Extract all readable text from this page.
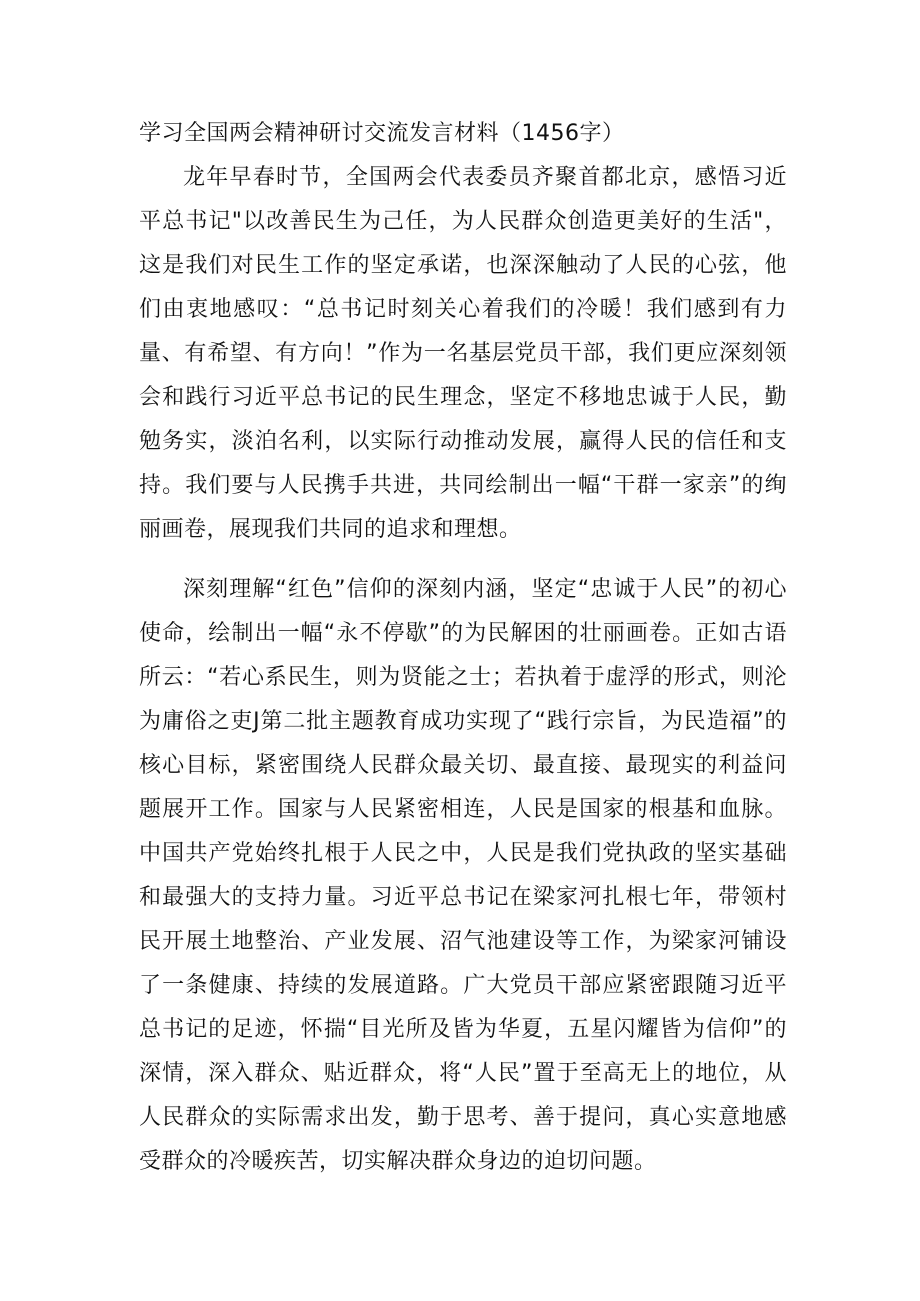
学习全国两会精神研讨交流发言材料（1456字）

龙年早春时节，全国两会代表委员齐聚首都北京，感悟习近平总书记"以改善民生为己任，为人民群众创造更美好的生活"，这是我们对民生工作的坚定承诺，也深深触动了人民的心弦，他们由衷地感叹：“总书记时刻关心着我们的冷暖！我们感到有力量、有希望、有方向！”作为一名基层党员干部，我们更应深刻领会和践行习近平总书记的民生理念，坚定不移地忠诚于人民，勤勉务实，淡泊名利，以实际行动推动发展，赢得人民的信任和支持。我们要与人民携手共进，共同绘制出一幅“干群一家亲”的绚丽画卷，展现我们共同的追求和理想。

深刻理解“红色”信仰的深刻内涵，坚定“忠诚于人民”的初心使命，绘制出一幅“永不停歇”的为民解困的壮丽画卷。正如古语所云：“若心系民生，则为贤能之士；若执着于虚浮的形式，则沦为庸俗之吏J第二批主题教育成功实现了“践行宗旨，为民造福”的核心目标，紧密围绕人民群众最关切、最直接、最现实的利益问题展开工作。国家与人民紧密相连，人民是国家的根基和血脉。中国共产党始终扎根于人民之中，人民是我们党执政的坚实基础和最强大的支持力量。习近平总书记在梁家河扎根七年，带领村民开展土地整治、产业发展、沼气池建设等工作，为梁家河铺设了一条健康、持续的发展道路。广大党员干部应紧密跟随习近平总书记的足迹，怀揣“目光所及皆为华夏，五星闪耀皆为信仰”的深情，深入群众、贴近群众，将“人民”置于至高无上的地位，从人民群众的实际需求出发，勤于思考、善于提问，真心实意地感受群众的冷暖疾苦，切实解决群众身边的迫切问题。
